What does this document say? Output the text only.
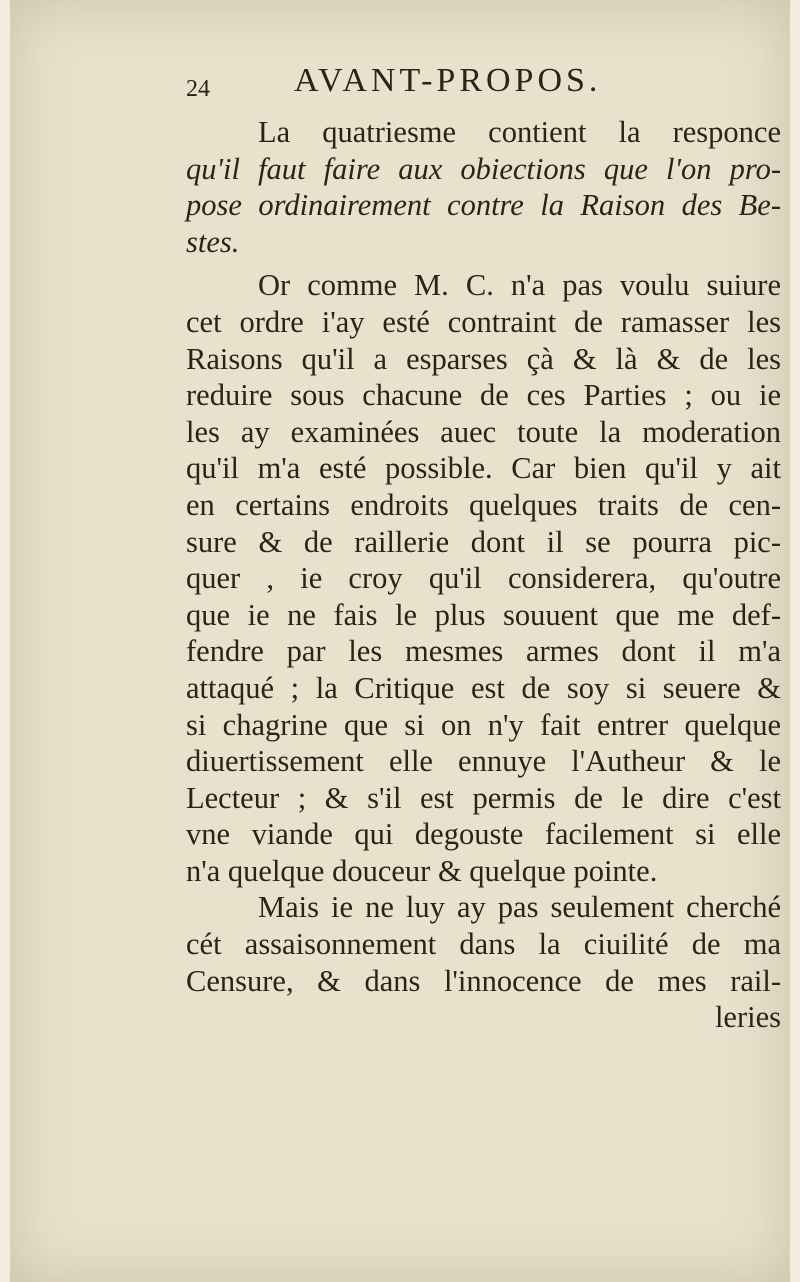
24 AVANT-PROPOS.
La quatriesme contient la responce
qu'il faut faire aux obiections que l'on pro-
pose ordinairement contre la Raison des Be-
stes.
Or comme M. C. n'a pas voulu suiure
cet ordre i'ay esté contraint de ramasser les
Raisons qu'il a esparses çà & là & de les
reduire sous chacune de ces Parties ; ou ie
les ay examinées auec toute la moderation
qu'il m'a esté possible. Car bien qu'il y ait
en certains endroits quelques traits de cen-
sure & de raillerie dont il se pourra pic-
quer , ie croy qu'il considerera, qu'outre
que ie ne fais le plus souuent que me def-
fendre par les mesmes armes dont il m'a
attaqué ; la Critique est de soy si seuere &
si chagrine que si on n'y fait entrer quelque
diuertissement elle ennuye l'Autheur & le
Lecteur ; & s'il est permis de le dire c'est
vne viande qui degouste facilement si elle
n'a quelque douceur & quelque pointe.
Mais ie ne luy ay pas seulement cherché
cét assaisonnement dans la ciuilité de ma
Censure, & dans l'innocence de mes rail-
leries
